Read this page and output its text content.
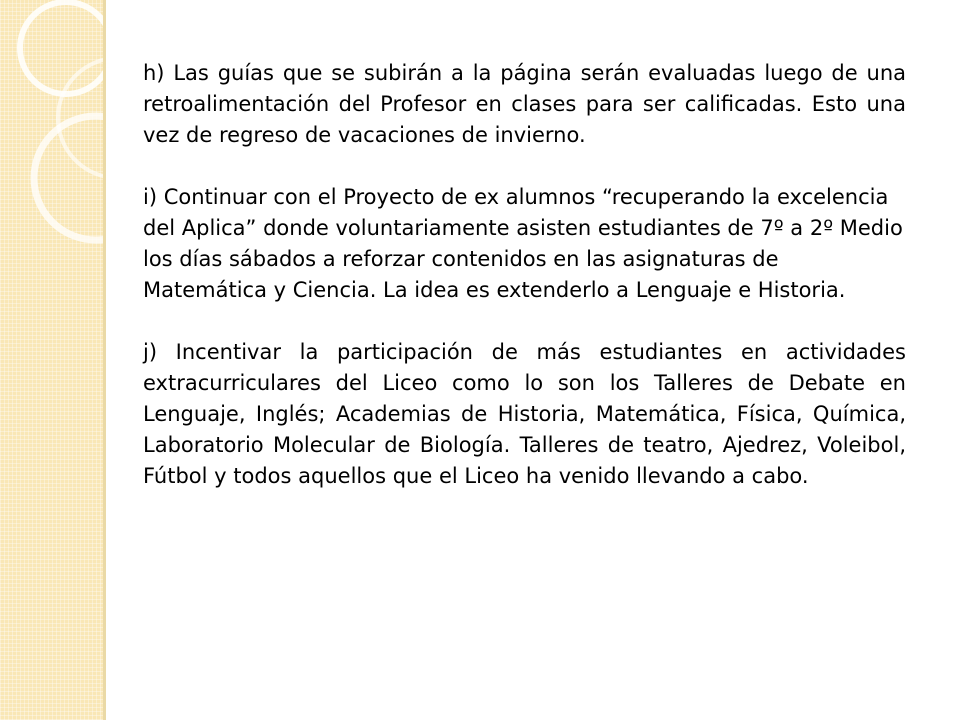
h) Las guías que se subirán a la página serán evaluadas luego de una retroalimentación del Profesor en clases para ser calificadas. Esto una vez de regreso de vacaciones de invierno.

i) Continuar con el Proyecto de ex alumnos “recuperando la excelencia del Aplica” donde voluntariamente asisten estudiantes de 7º a 2º Medio los días sábados a reforzar contenidos en las asignaturas de Matemática y Ciencia. La idea es extenderlo a Lenguaje e Historia.

j) Incentivar la participación de más estudiantes en actividades extracurriculares del Liceo como lo son los Talleres de Debate en Lenguaje, Inglés; Academias de Historia, Matemática, Física, Química, Laboratorio Molecular de Biología. Talleres de teatro, Ajedrez, Voleibol, Fútbol y todos aquellos que el Liceo ha venido llevando a cabo.
